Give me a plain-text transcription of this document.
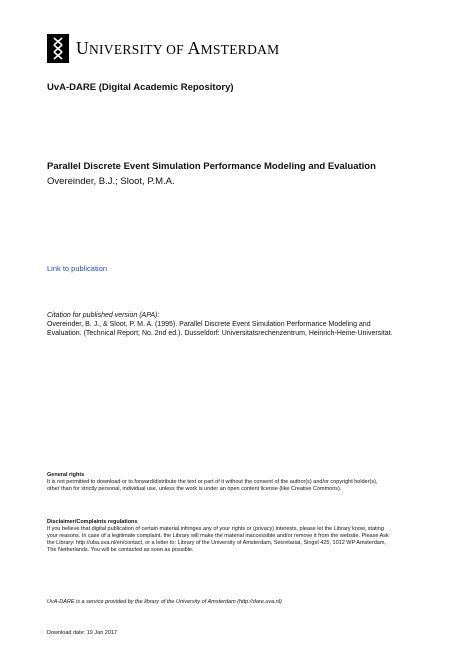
UNIVERSITY OF AMSTERDAM
UvA-DARE (Digital Academic Repository)
Parallel Discrete Event Simulation Performance Modeling and Evaluation
Overeinder, B.J.; Sloot, P.M.A.
Link to publication
Citation for published version (APA):
Overeinder, B. J., & Sloot, P. M. A. (1995). Parallel Discrete Event Simulation Performance Modeling and
Evaluation. (Technical Report; No. 2nd ed.). Dusseldorf: Universitatsrechenzentrum, Heinrich-Heine-Universitat.
General rights
It is not permitted to download or to forward/distribute the text or part of it without the consent of the author(s) and/or copyright holder(s),
other than for strictly personal, individual use, unless the work is under an open content license (like Creative Commons).
Disclaimer/Complaints regulations
If you believe that digital publication of certain material infringes any of your rights or (privacy) interests, please let the Library know, stating
your reasons. In case of a legitimate complaint, the Library will make the material inaccessible and/or remove it from the website. Please Ask
the Library: http://uba.uva.nl/en/contact, or a letter to: Library of the University of Amsterdam, Secretariat, Singel 425, 1012 WP Amsterdam,
The Netherlands. You will be contacted as soon as possible.
UvA-DARE is a service provided by the library of the University of Amsterdam (http://dare.uva.nl)
Download date: 19 Jan 2017
